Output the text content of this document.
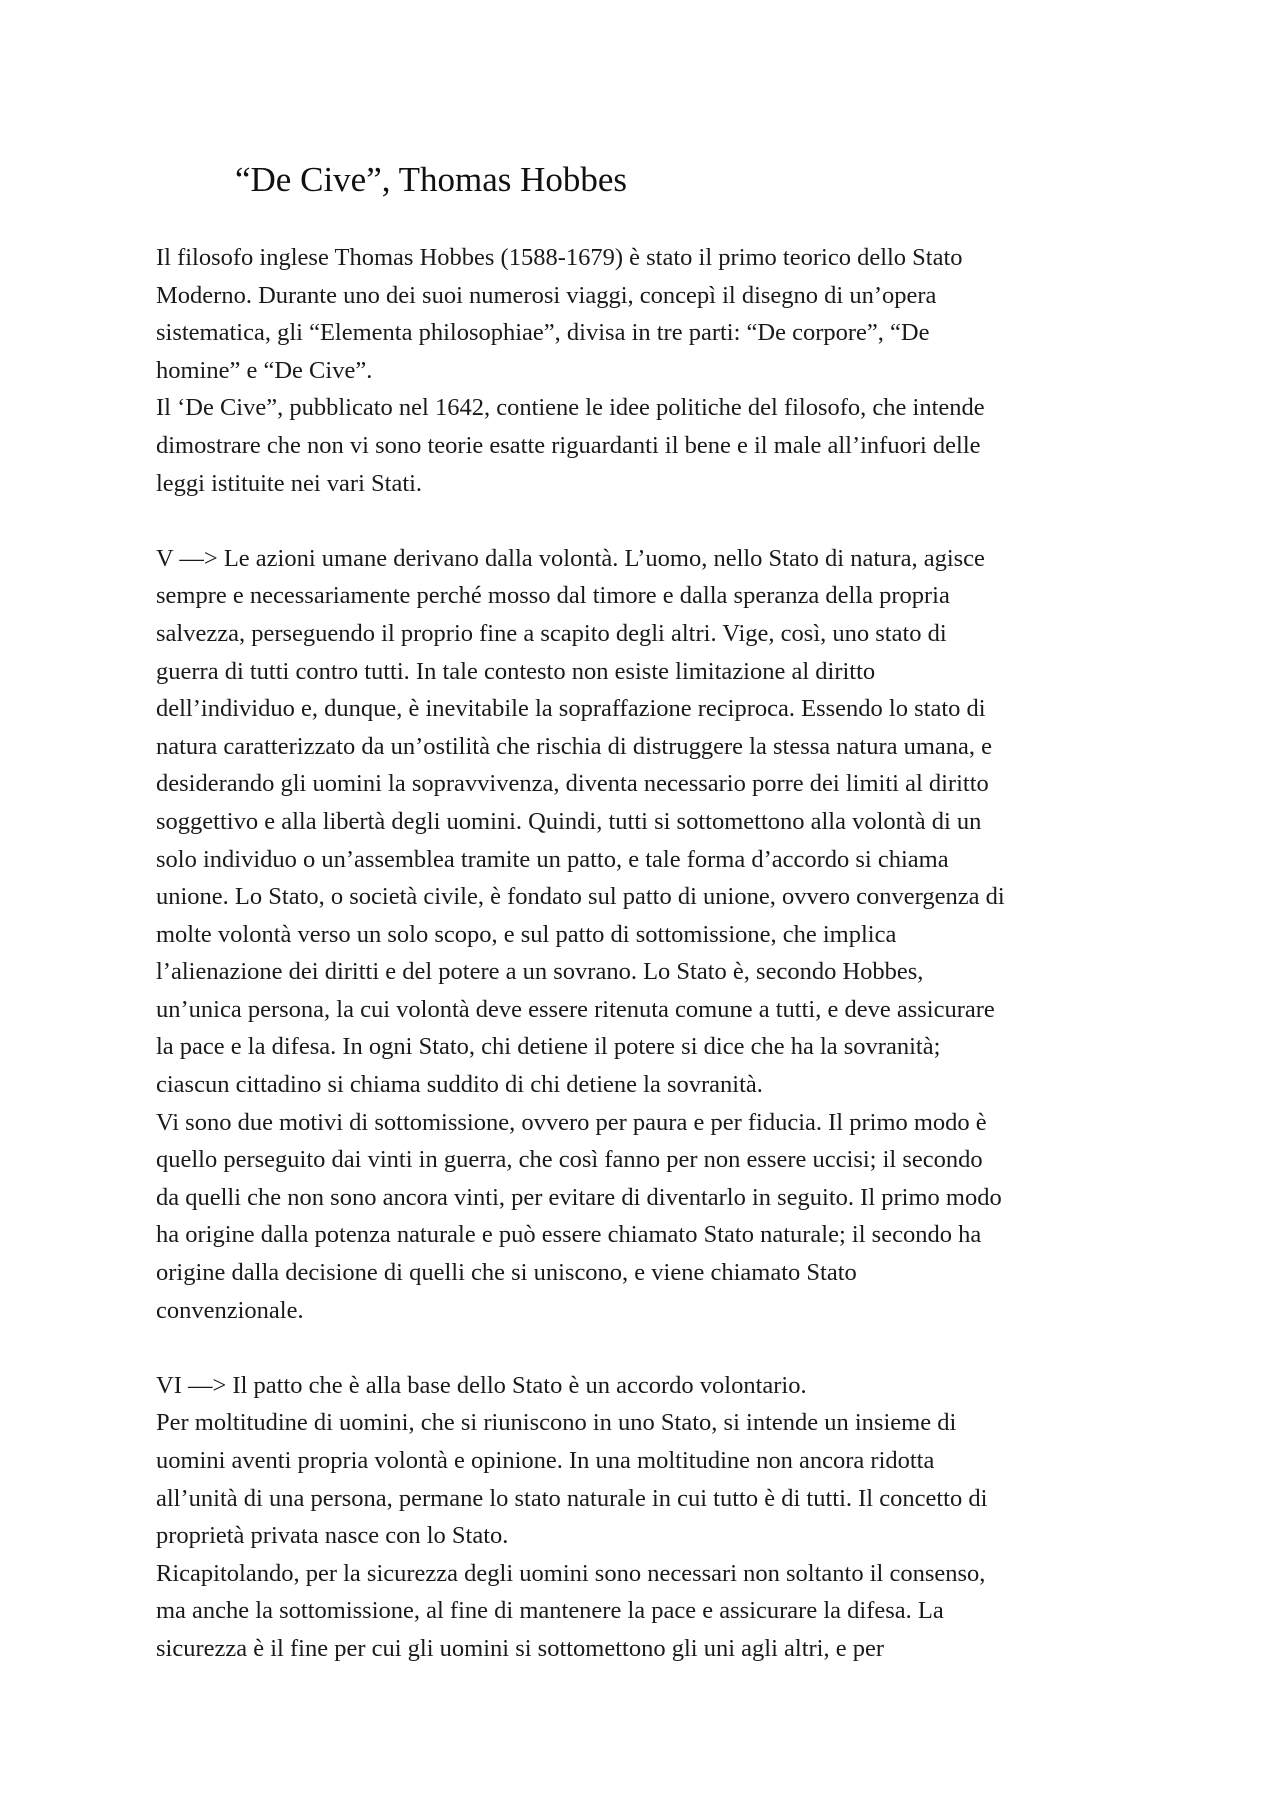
“De Cive”, Thomas Hobbes
Il filosofo inglese Thomas Hobbes (1588-1679) è stato il primo teorico dello Stato
Moderno. Durante uno dei suoi numerosi viaggi, concepì il disegno di un’opera
sistematica, gli “Elementa philosophiae”, divisa in tre parti: “De corpore”, “De
homine” e “De Cive”.
Il ‘De Cive”, pubblicato nel 1642, contiene le idee politiche del filosofo, che intende
dimostrare che non vi sono teorie esatte riguardanti il bene e il male all’infuori delle
leggi istituite nei vari Stati.
V —> Le azioni umane derivano dalla volontà. L’uomo, nello Stato di natura, agisce
sempre e necessariamente perché mosso dal timore e dalla speranza della propria
salvezza, perseguendo il proprio fine a scapito degli altri. Vige, così, uno stato di
guerra di tutti contro tutti. In tale contesto non esiste limitazione al diritto
dell’individuo e, dunque, è inevitabile la sopraffazione reciproca. Essendo lo stato di
natura caratterizzato da un’ostilità che rischia di distruggere la stessa natura umana, e
desiderando gli uomini la sopravvivenza, diventa necessario porre dei limiti al diritto
soggettivo e alla libertà degli uomini. Quindi, tutti si sottomettono alla volontà di un
solo individuo o un’assemblea tramite un patto, e tale forma d’accordo si chiama
unione. Lo Stato, o società civile, è fondato sul patto di unione, ovvero convergenza di
molte volontà verso un solo scopo, e sul patto di sottomissione, che implica
l’alienazione dei diritti e del potere a un sovrano. Lo Stato è, secondo Hobbes,
un’unica persona, la cui volontà deve essere ritenuta comune a tutti, e deve assicurare
la pace e la difesa. In ogni Stato, chi detiene il potere si dice che ha la sovranità;
ciascun cittadino si chiama suddito di chi detiene la sovranità.
Vi sono due motivi di sottomissione, ovvero per paura e per fiducia. Il primo modo è
quello perseguito dai vinti in guerra, che così fanno per non essere uccisi; il secondo
da quelli che non sono ancora vinti, per evitare di diventarlo in seguito. Il primo modo
ha origine dalla potenza naturale e può essere chiamato Stato naturale; il secondo ha
origine dalla decisione di quelli che si uniscono, e viene chiamato Stato
convenzionale.
VI —> Il patto che è alla base dello Stato è un accordo volontario.
Per moltitudine di uomini, che si riuniscono in uno Stato, si intende un insieme di
uomini aventi propria volontà e opinione. In una moltitudine non ancora ridotta
all’unità di una persona, permane lo stato naturale in cui tutto è di tutti. Il concetto di
proprietà privata nasce con lo Stato.
Ricapitolando, per la sicurezza degli uomini sono necessari non soltanto il consenso,
ma anche la sottomissione, al fine di mantenere la pace e assicurare la difesa. La
sicurezza è il fine per cui gli uomini si sottomettono gli uni agli altri, e per
